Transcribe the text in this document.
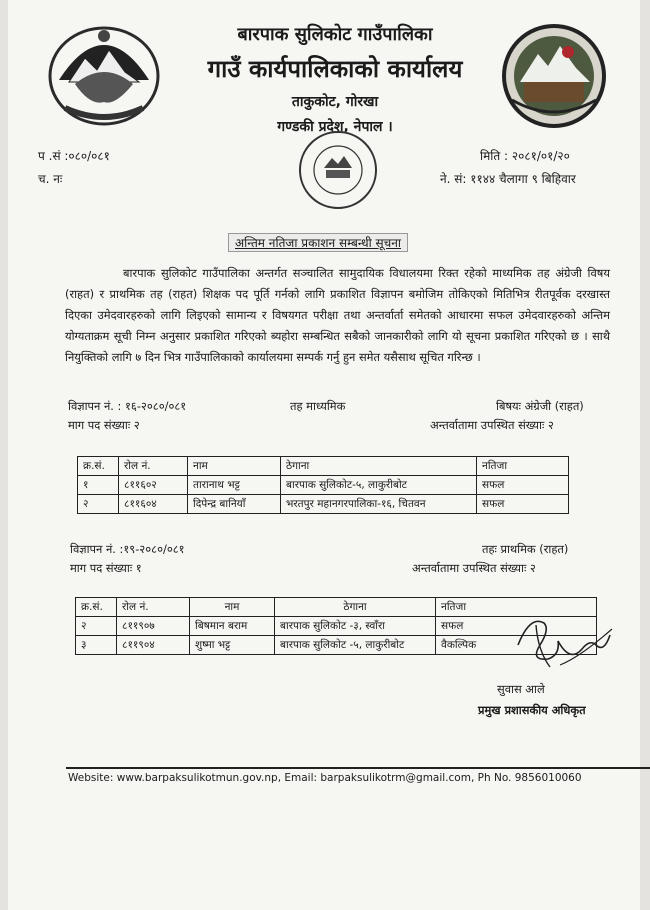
बारपाक सुलिकोट गाउँपालिका
गाउँ कार्यपालिकाको कार्यालय
ताकुकोट, गोरखा
गण्डकी प्रदेश, नेपाल ।
प .सं :०८०/०८१
च. नः
मिति : २०८१/०१/२०
ने. सं: ११४४ चैलागा ९ बिहिवार
अन्तिम नतिजा प्रकाशन सम्बन्धी सूचना
बारपाक सुलिकोट गाउँपालिका अन्तर्गत सञ्चालित सामुदायिक विधालयमा रिक्त रहेको माध्यमिक तह अंग्रेजी विषय (राहत) र प्राथमिक तह (राहत) शिक्षक पद पूर्ति गर्नको लागि प्रकाशित विज्ञापन बमोजिम तोकिएको मितिभित्र रीतपूर्वक दरखास्त दिएका उमेदवारहरुको लागि लिइएको सामान्य र विषयगत परीक्षा तथा अन्तर्वार्ता समेतको आधारमा सफल उमेदवारहरुको अन्तिम योग्यताक्रम सूची निम्न अनुसार प्रकाशित गरिएको ब्यहोरा सम्बन्धित सबैको जानकारीको लागि यो सूचना प्रकाशित गरिएको छ । साथै नियुक्तिको लागि ७ दिन भित्र गाउँपालिकाको कार्यालयमा सम्पर्क गर्नु हुन समेत यसैसाथ सूचित गरिन्छ ।
विज्ञापन नं. : १६-२०८०/०८१	तह माध्यमिक	बिषयः अंग्रेजी (राहत)
माग पद संख्याः २	अन्तर्वातामा उपस्थित संख्याः २
क्र.सं.	रोल नं.	नाम	ठेगाना	नतिजा
१	८११६०२	तारानाथ भट्ट	बारपाक सुलिकोट-५, लाकुरीबोट	सफल
२	८११६०४	दिपेन्द्र बानियाँ	भरतपुर महानगरपालिका-१६, चितवन	सफल
विज्ञापन नं. :१९-२०८०/०८१	तहः प्राथमिक (राहत)
माग पद संख्याः १	अन्तर्वातामा उपस्थित संख्याः २
क्र.सं.	रोल नं.	नाम	ठेगाना	नतिजा
२	८११९०७	बिषमान बराम	बारपाक सुलिकोट -३, स्वाँरा	सफल
३	८११९०४	शुष्मा भट्ट	बारपाक सुलिकोट -५, लाकुरीबोट	वैकल्पिक
सुवास आले
प्रमुख प्रशासकीय अधिकृत
Website: www.barpaksulikotmun.gov.np, Email: barpaksulikotrm@gmail.com, Ph No. 9856010060
